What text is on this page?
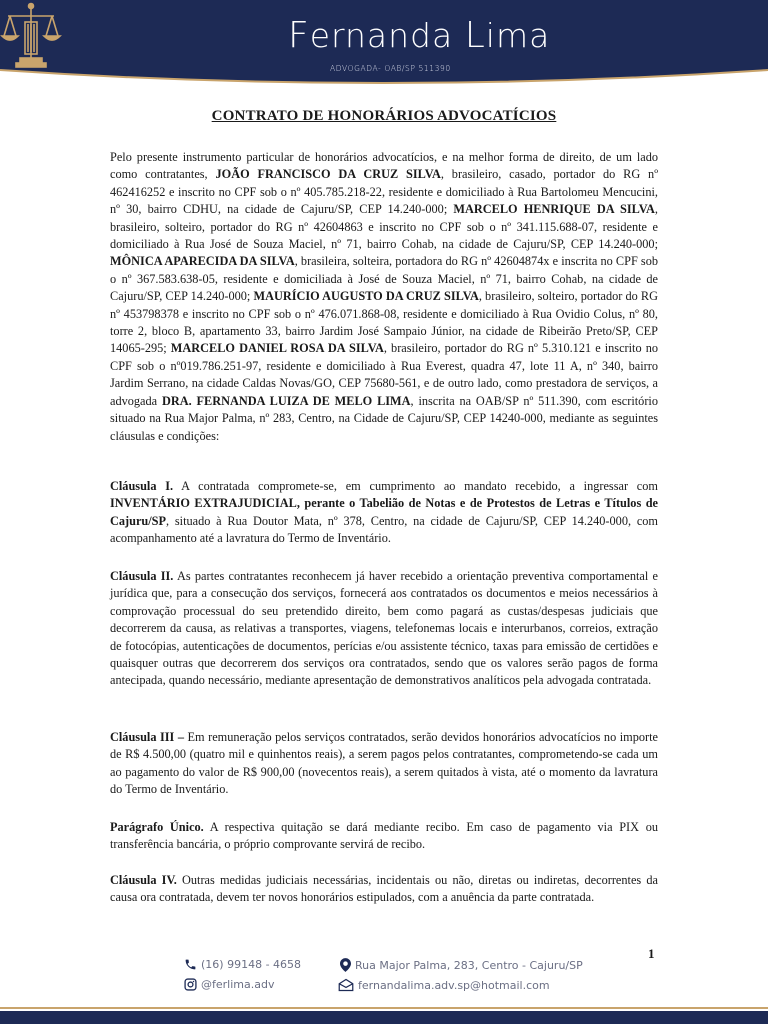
Fernanda Lima
ADVOGADA- OAB/SP 511390
CONTRATO DE HONORÁRIOS ADVOCATÍCIOS

Pelo presente instrumento particular de honorários advocatícios, e na melhor forma de direito, de um lado como contratantes, JOÃO FRANCISCO DA CRUZ SILVA, brasileiro, casado, portador do RG nº 462416252 e inscrito no CPF sob o nº 405.785.218-22, residente e domiciliado à Rua Bartolomeu Mencucini, nº 30, bairro CDHU, na cidade de Cajuru/SP, CEP 14.240-000; MARCELO HENRIQUE DA SILVA, brasileiro, solteiro, portador do RG nº 42604863 e inscrito no CPF sob o nº 341.115.688-07, residente e domiciliado à Rua José de Souza Maciel, nº 71, bairro Cohab, na cidade de Cajuru/SP, CEP 14.240-000; MÔNICA APARECIDA DA SILVA, brasileira, solteira, portadora do RG nº 42604874x e inscrita no CPF sob o nº 367.583.638-05, residente e domiciliada à José de Souza Maciel, nº 71, bairro Cohab, na cidade de Cajuru/SP, CEP 14.240-000; MAURÍCIO AUGUSTO DA CRUZ SILVA, brasileiro, solteiro, portador do RG nº 453798378 e inscrito no CPF sob o nº 476.071.868-08, residente e domiciliado à Rua Ovidio Colus, nº 80, torre 2, bloco B, apartamento 33, bairro Jardim José Sampaio Júnior, na cidade de Ribeirão Preto/SP, CEP 14065-295; MARCELO DANIEL ROSA DA SILVA, brasileiro, portador do RG nº 5.310.121 e inscrito no CPF sob o nº019.786.251-97, residente e domiciliado à Rua Everest, quadra 47, lote 11 A, nº 340, bairro Jardim Serrano, na cidade Caldas Novas/GO, CEP 75680-561, e de outro lado, como prestadora de serviços, a advogada DRA. FERNANDA LUIZA DE MELO LIMA, inscrita na OAB/SP nº 511.390, com escritório situado na Rua Major Palma, nº 283, Centro, na Cidade de Cajuru/SP, CEP 14240-000, mediante as seguintes cláusulas e condições:

Cláusula I. A contratada compromete-se, em cumprimento ao mandato recebido, a ingressar com INVENTÁRIO EXTRAJUDICIAL, perante o Tabelião de Notas e de Protestos de Letras e Títulos de Cajuru/SP, situado à Rua Doutor Mata, nº 378, Centro, na cidade de Cajuru/SP, CEP 14.240-000, com acompanhamento até a lavratura do Termo de Inventário.

Cláusula II. As partes contratantes reconhecem já haver recebido a orientação preventiva comportamental e jurídica que, para a consecução dos serviços, fornecerá aos contratados os documentos e meios necessários à comprovação processual do seu pretendido direito, bem como pagará as custas/despesas judiciais que decorrerem da causa, as relativas a transportes, viagens, telefonemas locais e interurbanos, correios, extração de fotocópias, autenticações de documentos, perícias e/ou assistente técnico, taxas para emissão de certidões e quaisquer outras que decorrerem dos serviços ora contratados, sendo que os valores serão pagos de forma antecipada, quando necessário, mediante apresentação de demonstrativos analíticos pela advogada contratada.

Cláusula III – Em remuneração pelos serviços contratados, serão devidos honorários advocatícios no importe de R$ 4.500,00 (quatro mil e quinhentos reais), a serem pagos pelos contratantes, comprometendo-se cada um ao pagamento do valor de R$ 900,00 (novecentos reais), a serem quitados à vista, até o momento da lavratura do Termo de Inventário.

Parágrafo Único. A respectiva quitação se dará mediante recibo. Em caso de pagamento via PIX ou transferência bancária, o próprio comprovante servirá de recibo.

Cláusula IV. Outras medidas judiciais necessárias, incidentais ou não, diretas ou indiretas, decorrentes da causa ora contratada, devem ter novos honorários estipulados, com a anuência da parte contratada.

1
(16) 99148 - 4658	Rua Major Palma, 283, Centro - Cajuru/SP
@ferlima.adv	fernandalima.adv.sp@hotmail.com
